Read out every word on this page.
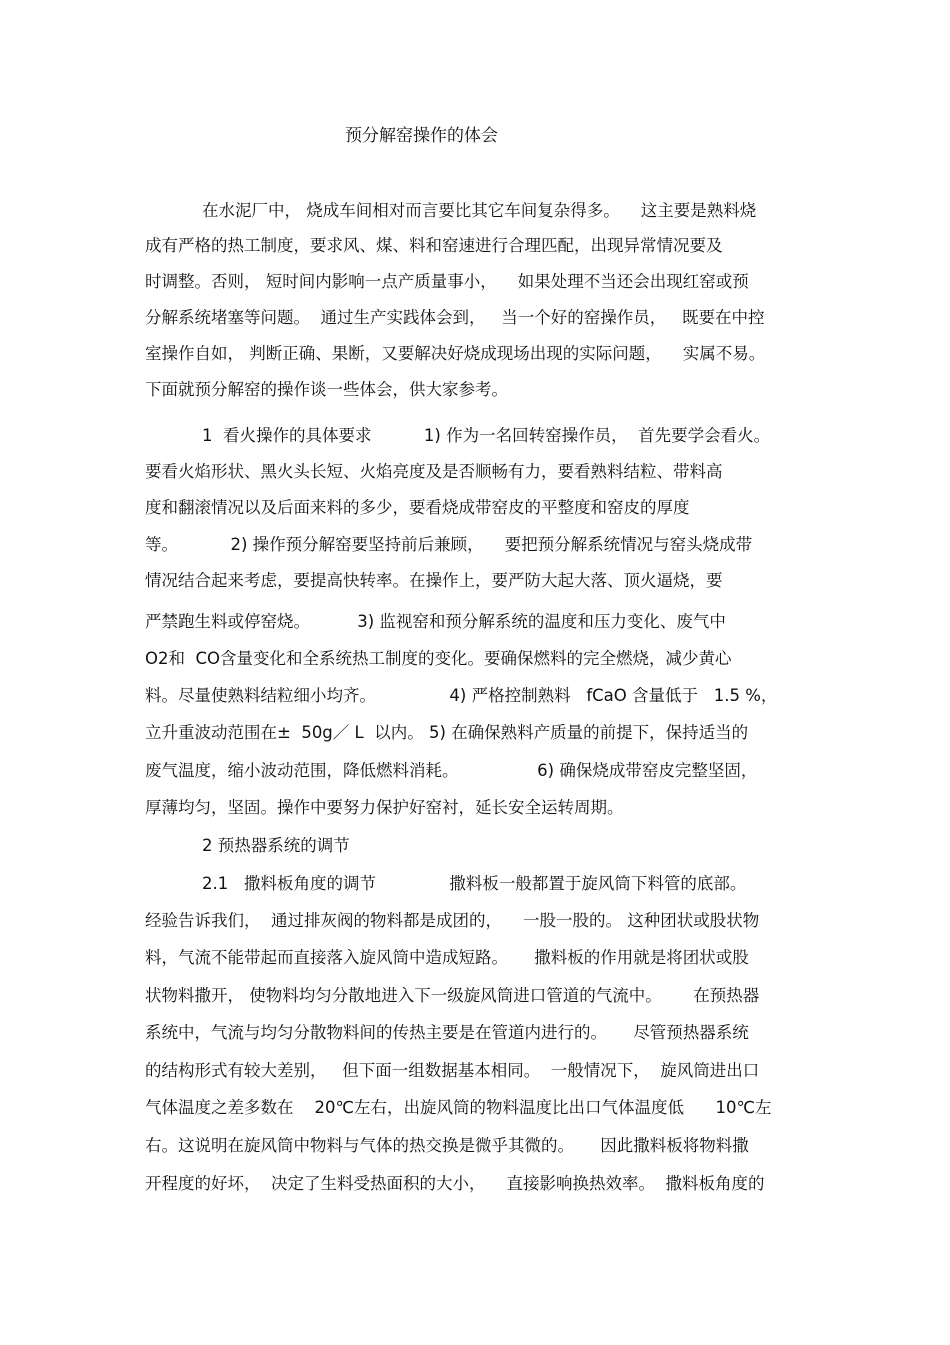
预分解窑操作的体会
在水泥厂中， 烧成车间相对而言要比其它车间复杂得多。    这主要是熟料烧
成有严格的热工制度，要求风、煤、料和窑速进行合理匹配，出现异常情况要及
时调整。否则， 短时间内影响一点产质量事小，    如果处理不当还会出现红窑或预
分解系统堵塞等问题。  通过生产实践体会到，   当一个好的窑操作员，   既要在中控
室操作自如， 判断正确、果断，又要解决好烧成现场出现的实际问题，    实属不易。
下面就预分解窑的操作谈一些体会，供大家参考。
1  看火操作的具体要求          1) 作为一名回转窑操作员，  首先要学会看火。
要看火焰形状、黑火头长短、火焰亮度及是否顺畅有力，要看熟料结粒、带料高
度和翻滚情况以及后面来料的多少，要看烧成带窑皮的平整度和窑皮的厚度
等。          2) 操作预分解窑要坚持前后兼顾，    要把预分解系统情况与窑头烧成带
情况结合起来考虑，要提高快转率。在操作上，要严防大起大落、顶火逼烧，要
严禁跑生料或停窑烧。         3) 监视窑和预分解系统的温度和压力变化、废气中
O2和  CO含量变化和全系统热工制度的变化。要确保燃料的完全燃烧，减少黄心
料。尽量使熟料结粒细小均齐。              4) 严格控制熟料   fCaO 含量低于   1.5 %，
立升重波动范围在±  50g／ L  以内。 5) 在确保熟料产质量的前提下，保持适当的
废气温度，缩小波动范围，降低燃料消耗。               6) 确保烧成带窑皮完整坚固，
厚薄均匀，坚固。操作中要努力保护好窑衬，延长安全运转周期。
2 预热器系统的调节
2.1   撒料板角度的调节              撒料板一般都置于旋风筒下料管的底部。
经验告诉我们，  通过排灰阀的物料都是成团的，    一股一股的。 这种团状或股状物
料，气流不能带起而直接落入旋风筒中造成短路。     撒料板的作用就是将团状或股
状物料撒开， 使物料均匀分散地进入下一级旋风筒进口管道的气流中。      在预热器
系统中，气流与均匀分散物料间的传热主要是在管道内进行的。     尽管预热器系统
的结构形式有较大差别，   但下面一组数据基本相同。  一般情况下，  旋风筒进出口
气体温度之差多数在    20℃左右，出旋风筒的物料温度比出口气体温度低      10℃左
右。这说明在旋风筒中物料与气体的热交换是微乎其微的。     因此撒料板将物料撒
开程度的好坏，  决定了生料受热面积的大小，    直接影响换热效率。  撒料板角度的
